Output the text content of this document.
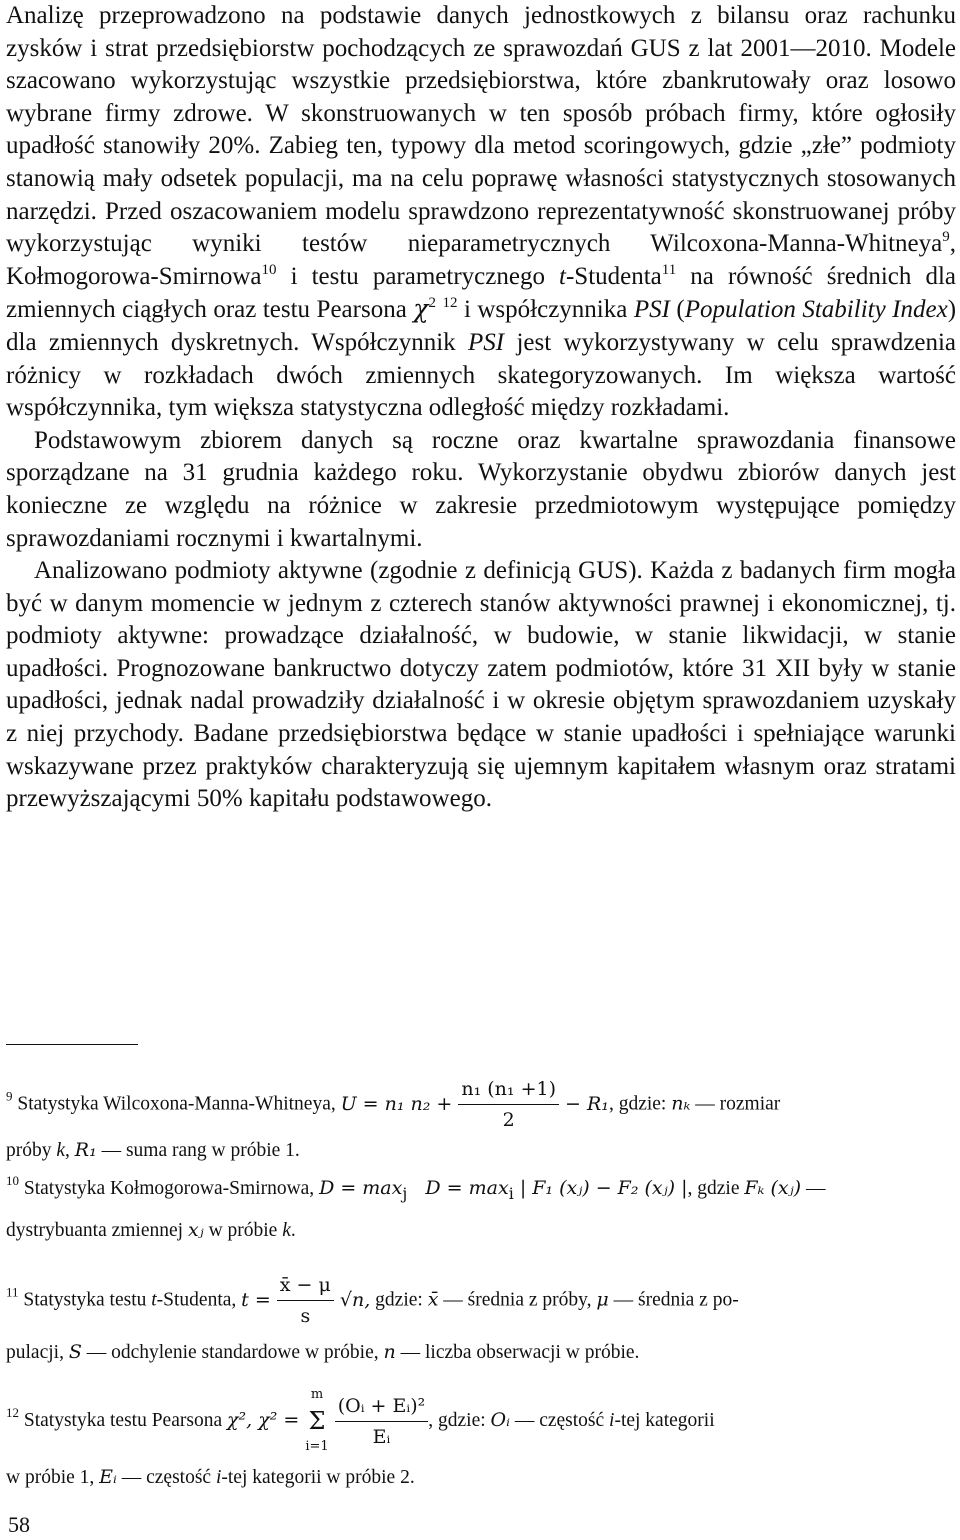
Analizę przeprowadzono na podstawie danych jednostkowych z bilansu oraz rachunku zysków i strat przedsiębiorstw pochodzących ze sprawozdań GUS z lat 2001―2010. Modele szacowano wykorzystując wszystkie przedsiębiorstwa, które zbankrutowały oraz losowo wybrane firmy zdrowe. W skonstruowanych w ten sposób próbach firmy, które ogłosiły upadłość stanowiły 20%. Zabieg ten, typowy dla metod scoringowych, gdzie „złe” podmioty stanowią mały odsetek populacji, ma na celu poprawę własności statystycznych stosowanych narzędzi. Przed oszacowaniem modelu sprawdzono reprezentatywność skonstruowanej próby wykorzystując wyniki testów nieparametrycznych Wilcoxona-Manna-Whitneya$^9$, Kołmogorowa-Smirnowa$^{10}$ i testu parametrycznego t-Studenta$^{11}$ na równość średnich dla zmiennych ciągłych oraz testu Pearsona χ$^2$ $^{12}$ i współczynnika PSI (Population Stability Index) dla zmiennych dyskretnych. Współczynnik PSI jest wykorzystywany w celu sprawdzenia różnicy w rozkładach dwóch zmiennych skategoryzowanych. Im większa wartość współczynnika, tym większa statystyczna odległość między rozkładami.

Podstawowym zbiorem danych są roczne oraz kwartalne sprawozdania finansowe sporządzane na 31 grudnia każdego roku. Wykorzystanie obydwu zbiorów danych jest konieczne ze względu na różnice w zakresie przedmiotowym występujące pomiędzy sprawozdaniami rocznymi i kwartalnymi.

Analizowano podmioty aktywne (zgodnie z definicją GUS). Każda z badanych firm mogła być w danym momencie w jednym z czterech stanów aktywności prawnej i ekonomicznej, tj. podmioty aktywne: prowadzące działalność, w budowie, w stanie likwidacji, w stanie upadłości. Prognozowane bankructwo dotyczy zatem podmiotów, które 31 XII były w stanie upadłości, jednak nadal prowadziły działalność i w okresie objętym sprawozdaniem uzyskały z niej przychody. Badane przedsiębiorstwa będące w stanie upadłości i spełniające warunki wskazywane przez praktyków charakteryzują się ujemnym kapitałem własnym oraz stratami przewyższającymi 50% kapitału podstawowego.

$^9$ Statystyka Wilcoxona-Manna-Whitneya, U = n₁ $n_2 + \frac{\text{n₁ (n₁ +1)}}{2} - R_1$, gdzie: nₖ ― rozmiar
próby k, R₁ ― suma rang w próbie 1.
$^{10}$ Statystyka Kołmogorowa-Smirnowa, $D = \max_j D = \max_i$ | F₁ (xⱼ) − F₂ (xⱼ) |, gdzie Fₖ (xⱼ) ―
dystrybuanta zmiennej xⱼ w próbie k.
$^{11}$ Statystyka testu t-Studenta, $t = \frac{x̄ - \mu}{s} √n$, gdzie: x̄ ― średnia z próby, μ ― średnia z po-
pulacji, S ― odchylenie standardowe w próbie, n ― liczba obserwacji w próbie.
$^{12}$ Statystyka testu Pearsona χ², χ² =
m
Σ
i=1
$\frac{\text{(Oᵢ + Eᵢ)²}}{\text{Eᵢ}}$ , gdzie: Oᵢ ― częstość i-tej kategorii
w próbie 1, Eᵢ ― częstość i-tej kategorii w próbie 2.
58
